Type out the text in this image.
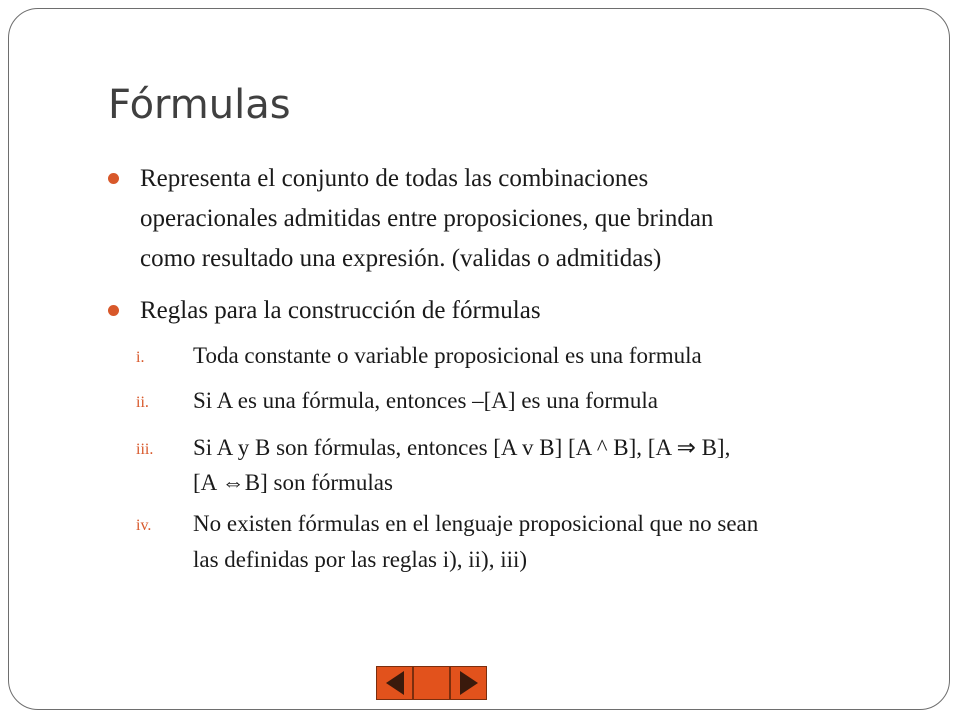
Fórmulas
Representa el conjunto de todas las combinaciones
operacionales admitidas entre proposiciones, que brindan
como resultado una expresión. (validas o admitidas)
Reglas para la construcción de fórmulas
i. Toda constante o variable proposicional es una formula
ii. Si A es una fórmula, entonces –[A] es una formula
iii. Si A y B son fórmulas, entonces [A v B] [A ^ B], [A ⇒ B],
[A ⇔B] son fórmulas
iv. No existen fórmulas en el lenguaje proposicional que no sean
las definidas por las reglas i), ii), iii)
